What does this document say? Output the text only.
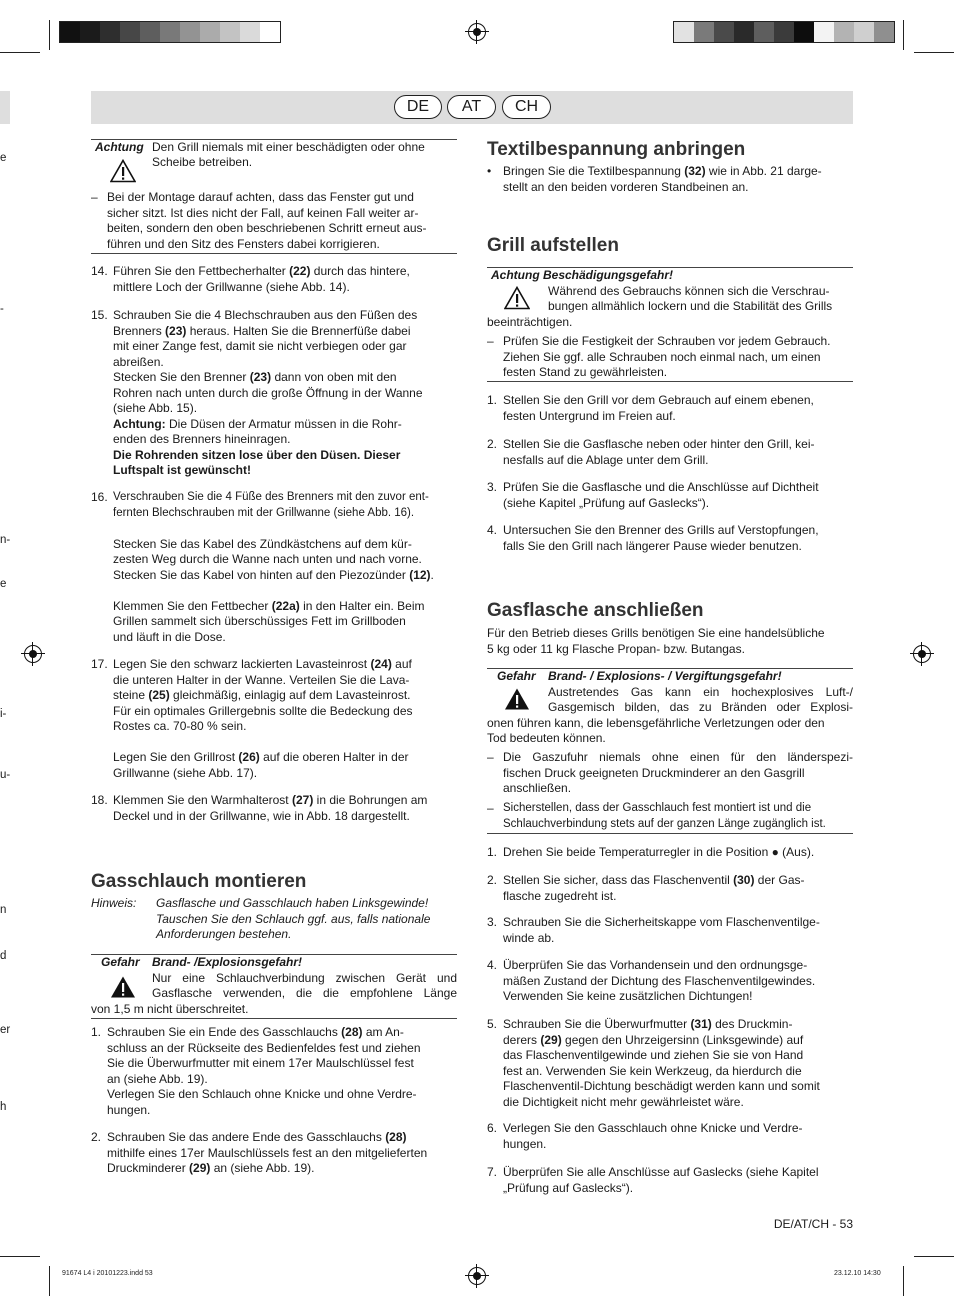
e
-
n-
e
i-
u-
n
d
er
h
DE	AT	CH
Achtung Den Grill niemals mit einer beschädigten oder ohne
Scheibe betreiben.
– Bei der Montage darauf achten, dass das Fenster gut und
sicher sitzt. Ist dies nicht der Fall, auf keinen Fall weiter ar-
beiten, sondern den oben beschriebenen Schritt erneut aus-
führen und den Sitz des Fensters dabei korrigieren.
14. Führen Sie den Fettbecherhalter (22) durch das hintere,
mittlere Loch der Grillwanne (siehe Abb. 14).
15. Schrauben Sie die 4 Blechschrauben aus den Füßen des
Brenners (23) heraus. Halten Sie die Brennerfüße dabei
mit einer Zange fest, damit sie nicht verbiegen oder gar
abreißen.
Stecken Sie den Brenner (23) dann von oben mit den
Rohren nach unten durch die große Öffnung in der Wanne
(siehe Abb. 15).
Achtung: Die Düsen der Armatur müssen in die Rohr-
enden des Brenners hineinragen.
Die Rohrenden sitzen lose über den Düsen. Dieser
Luftspalt ist gewünscht!
16. Verschrauben Sie die 4 Füße des Brenners mit den zuvor ent-
fernten Blechschrauben mit der Grillwanne (siehe Abb. 16).
Stecken Sie das Kabel des Zündkästchens auf dem kür-
zesten Weg durch die Wanne nach unten und nach vorne.
Stecken Sie das Kabel von hinten auf den Piezozünder (12).
Klemmen Sie den Fettbecher (22a) in den Halter ein. Beim
Grillen sammelt sich überschüssiges Fett im Grillboden
und läuft in die Dose.
17. Legen Sie den schwarz lackierten Lavasteinrost (24) auf
die unteren Halter in der Wanne. Verteilen Sie die Lava-
steine (25) gleichmäßig, einlagig auf dem Lavasteinrost.
Für ein optimales Grillergebnis sollte die Bedeckung des
Rostes ca. 70-80 % sein.
Legen Sie den Grillrost (26) auf die oberen Halter in der
Grillwanne (siehe Abb. 17).
18. Klemmen Sie den Warmhalterost (27) in die Bohrungen am
Deckel und in der Grillwanne, wie in Abb. 18 dargestellt.
Gasschlauch montieren
Hinweis: Gasflasche und Gasschlauch haben Linksgewinde!
Tauschen Sie den Schlauch ggf. aus, falls nationale
Anforderungen bestehen.
Gefahr Brand- /Explosionsgefahr!
Nur eine Schlauchverbindung zwischen Gerät und
Gasflasche verwenden, die die empfohlene Länge
von 1,5 m nicht überschreitet.
1. Schrauben Sie ein Ende des Gasschlauchs (28) am An-
schluss an der Rückseite des Bedienfeldes fest und ziehen
Sie die Überwurfmutter mit einem 17er Maulschlüssel fest
an (siehe Abb. 19).
Verlegen Sie den Schlauch ohne Knicke und ohne Verdre-
hungen.
2. Schrauben Sie das andere Ende des Gasschlauchs (28)
mithilfe eines 17er Maulschlüssels fest an den mitgelieferten
Druckminderer (29) an (siehe Abb. 19).
Textilbespannung anbringen
• Bringen Sie die Textilbespannung (32) wie in Abb. 21 darge-
stellt an den beiden vorderen Standbeinen an.
Grill aufstellen
Achtung Beschädigungsgefahr!
Während des Gebrauchs können sich die Verschrau-
bungen allmählich lockern und die Stabilität des Grills
beeinträchtigen.
– Prüfen Sie die Festigkeit der Schrauben vor jedem Gebrauch.
Ziehen Sie ggf. alle Schrauben noch einmal nach, um einen
festen Stand zu gewährleisten.
1. Stellen Sie den Grill vor dem Gebrauch auf einem ebenen,
festen Untergrund im Freien auf.
2. Stellen Sie die Gasflasche neben oder hinter den Grill, kei-
nesfalls auf die Ablage unter dem Grill.
3. Prüfen Sie die Gasflasche und die Anschlüsse auf Dichtheit
(siehe Kapitel „Prüfung auf Gaslecks“).
4. Untersuchen Sie den Brenner des Grills auf Verstopfungen,
falls Sie den Grill nach längerer Pause wieder benutzen.
Gasflasche anschließen
Für den Betrieb dieses Grills benötigen Sie eine handelsübliche
5 kg oder 11 kg Flasche Propan- bzw. Butangas.
Gefahr Brand- / Explosions- / Vergiftungsgefahr!
Austretendes Gas kann ein hochexplosives Luft-/
Gasgemisch bilden, das zu Bränden oder Explosi-
onen führen kann, die lebensgefährliche Verletzungen oder den
Tod bedeuten können.
– Die Gaszufuhr niemals ohne einen für den länderspezi-
fischen Druck geeigneten Druckminderer an den Gasgrill
anschließen.
– Sicherstellen, dass der Gasschlauch fest montiert ist und die
Schlauchverbindung stets auf der ganzen Länge zugänglich ist.
1. Drehen Sie beide Temperaturregler in die Position ● (Aus).
2. Stellen Sie sicher, dass das Flaschenventil (30) der Gas-
flasche zugedreht ist.
3. Schrauben Sie die Sicherheitskappe vom Flaschenventilge-
winde ab.
4. Überprüfen Sie das Vorhandensein und den ordnungsge-
mäßen Zustand der Dichtung des Flaschenventilgewindes.
Verwenden Sie keine zusätzlichen Dichtungen!
5. Schrauben Sie die Überwurfmutter (31) des Druckmin-
derers (29) gegen den Uhrzeigersinn (Linksgewinde) auf
das Flaschenventilgewinde und ziehen Sie sie von Hand
fest an. Verwenden Sie kein Werkzeug, da hierdurch die
Flaschenventil-Dichtung beschädigt werden kann und somit
die Dichtigkeit nicht mehr gewährleistet wäre.
6. Verlegen Sie den Gasschlauch ohne Knicke und Verdre-
hungen.
7. Überprüfen Sie alle Anschlüsse auf Gaslecks (siehe Kapitel
„Prüfung auf Gaslecks“).
DE/AT/CH - 53
91674 L4 i 20101223.indd 53	23.12.10 14:30
